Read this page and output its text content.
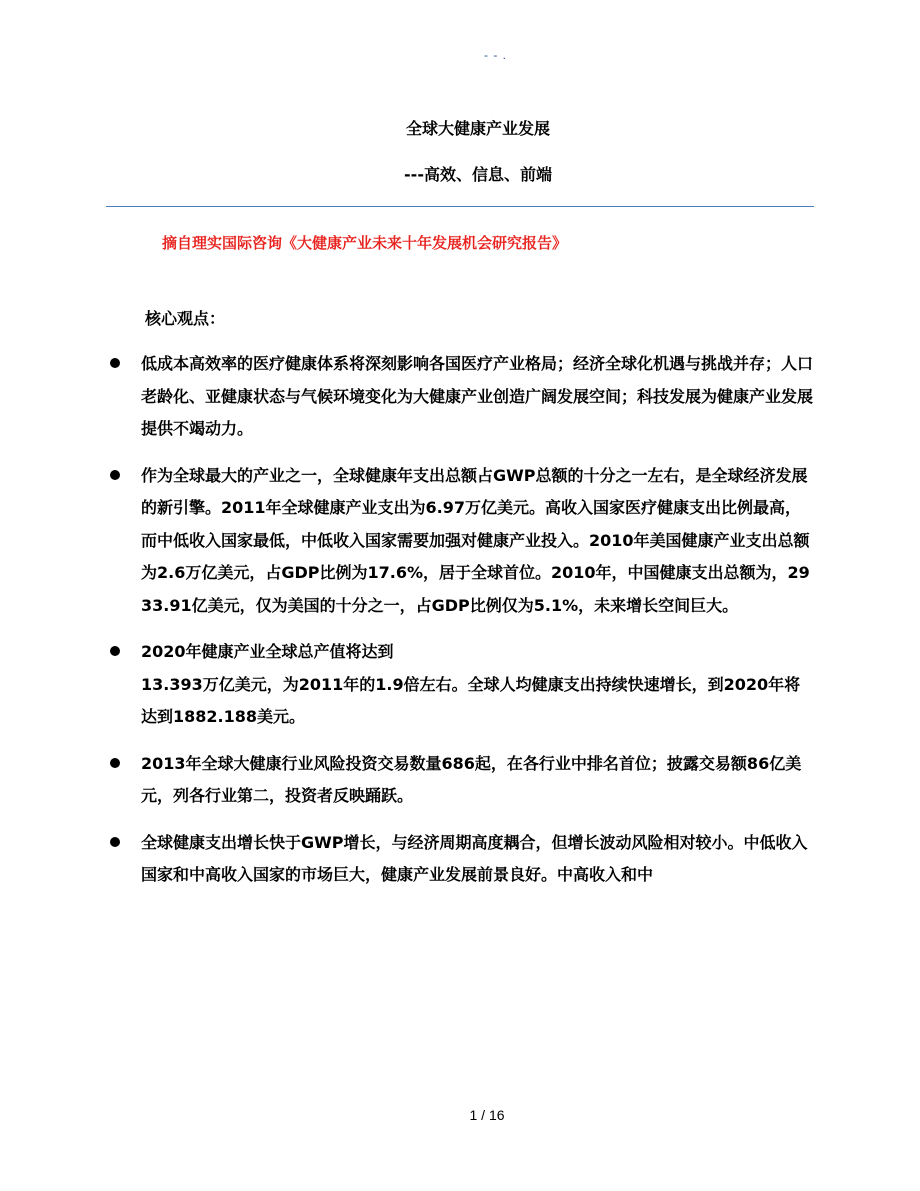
- - .
全球大健康产业发展
---高效、信息、前端
摘自理实国际咨询《大健康产业未来十年发展机会研究报告》
核心观点：
低成本高效率的医疗健康体系将深刻影响各国医疗产业格局；经济全球化机遇与挑战并存；人口老龄化、亚健康状态与气候环境变化为大健康产业创造广阔发展空间；科技发展为健康产业发展提供不竭动力。
作为全球最大的产业之一，全球健康年支出总额占GWP总额的十分之一左右，是全球经济发展的新引擎。2011年全球健康产业支出为6.97万亿美元。高收入国家医疗健康支出比例最高，而中低收入国家最低，中低收入国家需要加强对健康产业投入。2010年美国健康产业支出总额为2.6万亿美元，占GDP比例为17.6%，居于全球首位。2010年，中国健康支出总额为，2933.91亿美元，仅为美国的十分之一，占GDP比例仅为5.1%，未来增长空间巨大。
2020年健康产业全球总产值将达到
13.393万亿美元，为2011年的1.9倍左右。全球人均健康支出持续快速增长，到2020年将达到1882.188美元。
2013年全球大健康行业风险投资交易数量686起，在各行业中排名首位；披露交易额86亿美元，列各行业第二，投资者反映踊跃。
全球健康支出增长快于GWP增长，与经济周期高度耦合，但增长波动风险相对较小。中低收入国家和中高收入国家的市场巨大，健康产业发展前景良好。中高收入和中
1 / 16
